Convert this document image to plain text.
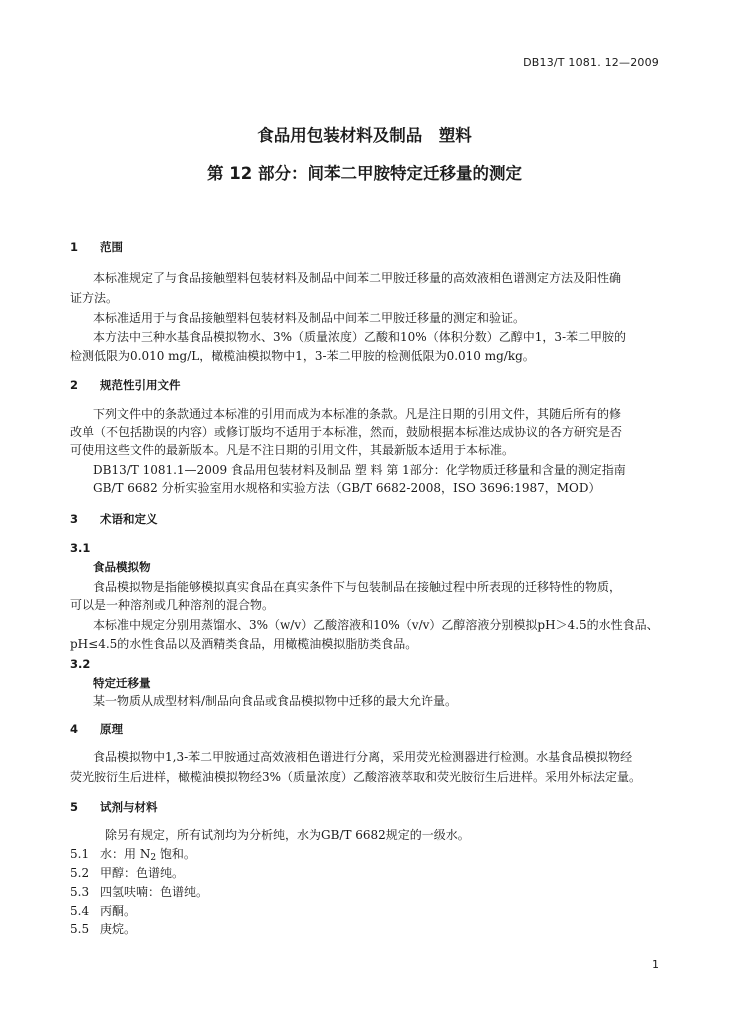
DB13/T 1081. 12—2009
食品用包装材料及制品　塑料
第 12 部分：间苯二甲胺特定迁移量的测定
1 范围
本标准规定了与食品接触塑料包装材料及制品中间苯二甲胺迁移量的高效液相色谱测定方法及阳性确
证方法。
本标准适用于与食品接触塑料包装材料及制品中间苯二甲胺迁移量的测定和验证。
本方法中三种水基食品模拟物水、3%（质量浓度）乙酸和10%（体积分数）乙醇中1，3-苯二甲胺的
检测低限为0.010 mg/L，橄榄油模拟物中1，3-苯二甲胺的检测低限为0.010 mg/kg。
2 规范性引用文件
下列文件中的条款通过本标准的引用而成为本标准的条款。凡是注日期的引用文件，其随后所有的修
改单（不包括勘误的内容）或修订版均不适用于本标准，然而，鼓励根据本标准达成协议的各方研究是否
可使用这些文件的最新版本。凡是不注日期的引用文件，其最新版本适用于本标准。
DB13/T 1081.1—2009 食品用包装材料及制品 塑 料 第 1部分：化学物质迁移量和含量的测定指南
GB/T 6682 分析实验室用水规格和实验方法（GB/T 6682-2008，ISO 3696:1987，MOD）
3 术语和定义
3.1
食品模拟物
食品模拟物是指能够模拟真实食品在真实条件下与包装制品在接触过程中所表现的迁移特性的物质，
可以是一种溶剂或几种溶剂的混合物。
本标准中规定分别用蒸馏水、3%（w/v）乙酸溶液和10%（v/v）乙醇溶液分别模拟pH＞4.5的水性食品、
pH≤4.5的水性食品以及酒精类食品，用橄榄油模拟脂肪类食品。
3.2
特定迁移量
某一物质从成型材料/制品向食品或食品模拟物中迁移的最大允许量。
4 原理
食品模拟物中1,3-苯二甲胺通过高效液相色谱进行分离，采用荧光检测器进行检测。水基食品模拟物经
荧光胺衍生后进样，橄榄油模拟物经3%（质量浓度）乙酸溶液萃取和荧光胺衍生后进样。采用外标法定量。
5 试剂与材料
除另有规定，所有试剂均为分析纯，水为GB/T 6682规定的一级水。
5.1 水：用 $N_2$ 饱和。
5.2 甲醇：色谱纯。
5.3 四氢呋喃：色谱纯。
5.4 丙酮。
5.5 庚烷。
1
